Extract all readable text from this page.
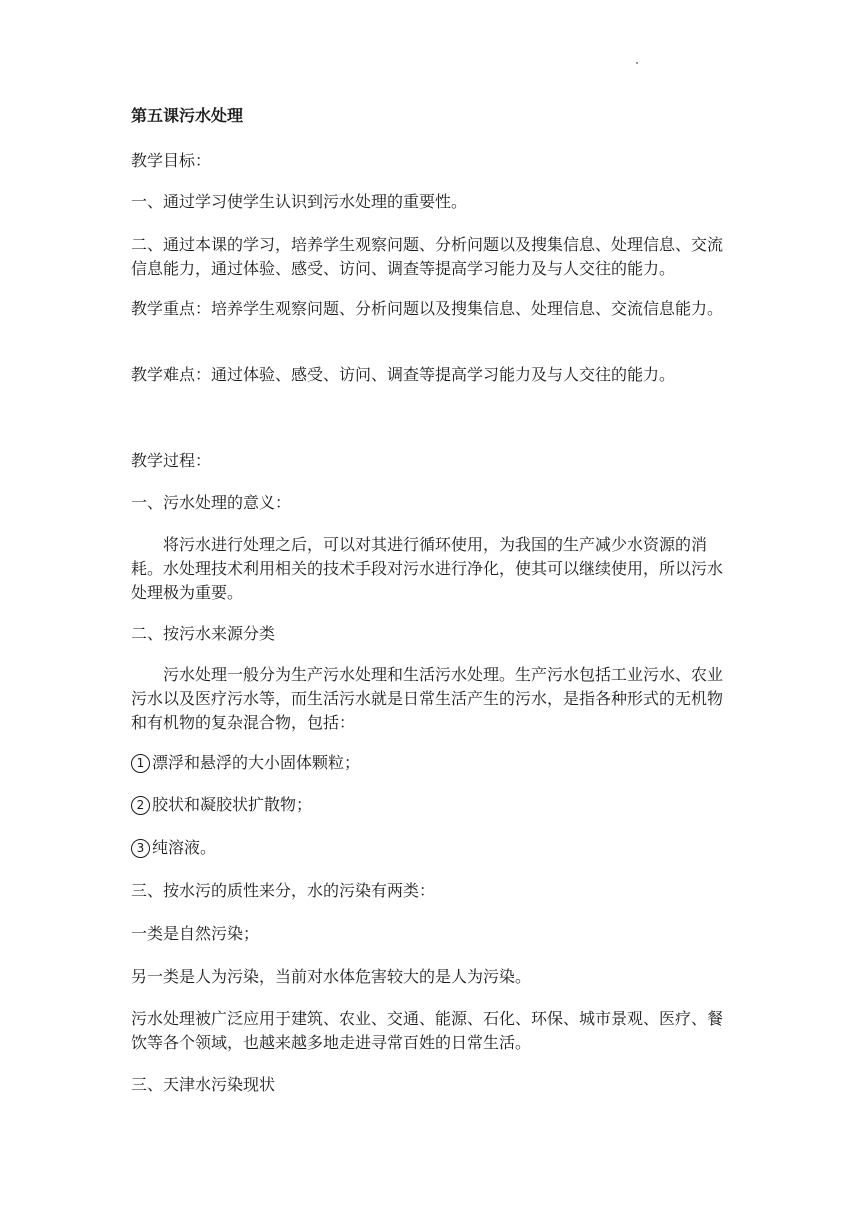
第五课污水处理

教学目标：

一、通过学习使学生认识到污水处理的重要性。

二、通过本课的学习，培养学生观察问题、分析问题以及搜集信息、处理信息、交流信息能力，通过体验、感受、访问、调查等提高学习能力及与人交往的能力。

教学重点：培养学生观察问题、分析问题以及搜集信息、处理信息、交流信息能力。

教学难点：通过体验、感受、访问、调查等提高学习能力及与人交往的能力。

教学过程：

一、污水处理的意义：

将污水进行处理之后，可以对其进行循环使用，为我国的生产减少水资源的消耗。水处理技术利用相关的技术手段对污水进行净化，使其可以继续使用，所以污水处理极为重要。

二、按污水来源分类

污水处理一般分为生产污水处理和生活污水处理。生产污水包括工业污水、农业污水以及医疗污水等，而生活污水就是日常生活产生的污水，是指各种形式的无机物和有机物的复杂混合物，包括：

1 漂浮和悬浮的大小固体颗粒；

2 胶状和凝胶状扩散物；

3 纯溶液。

三、按水污的质性来分，水的污染有两类：

一类是自然污染；

另一类是人为污染，当前对水体危害较大的是人为污染。

污水处理被广泛应用于建筑、农业、交通、能源、石化、环保、城市景观、医疗、餐饮等各个领域，也越来越多地走进寻常百姓的日常生活。

三、天津水污染现状
